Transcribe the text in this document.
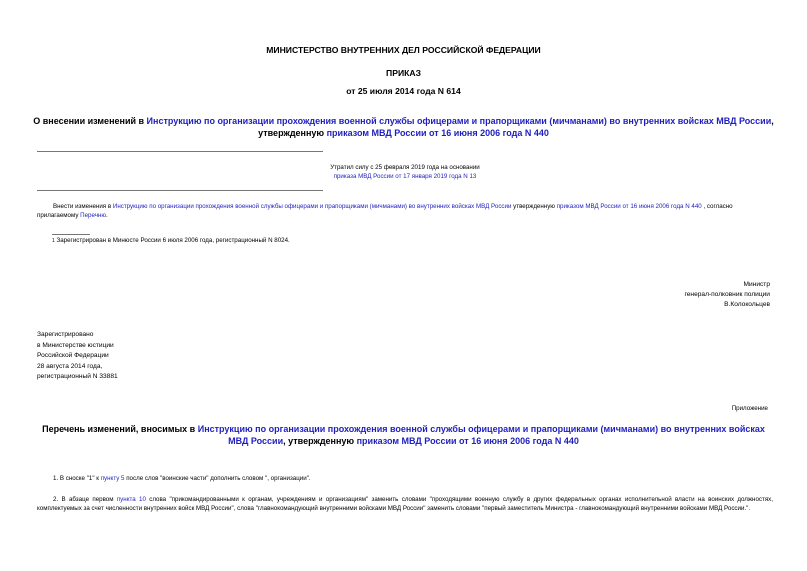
МИНИСТЕРСТВО ВНУТРЕННИХ ДЕЛ РОССИЙСКОЙ ФЕДЕРАЦИИ
ПРИКАЗ
от 25 июля 2014 года N 614
О внесении изменений в Инструкцию по организации прохождения военной службы офицерами и прапорщиками (мичманами) во внутренних войсках МВД России, утвержденную приказом МВД России от 16 июня 2006 года N 440
Утратил силу с 25 февраля 2019 года на основании
приказа МВД России от 17 января 2019 года N 13
Внести изменения в Инструкцию по организации прохождения военной службы офицерами и прапорщиками (мичманами) во внутренних войсках МВД России утвержденную приказом МВД России от 16 июня 2006 года N 440 , согласно прилагаемому Перечню.
1 Зарегистрирован в Минюсте России 6 июля 2006 года, регистрационный N 8024.
Министр
генерал-полковник полиции
В.Колокольцев
Зарегистрировано
в Министерстве юстиции
Российской Федерации
28 августа 2014 года,
регистрационный N 33881
Приложение
Перечень изменений, вносимых в Инструкцию по организации прохождения военной службы офицерами и прапорщиками (мичманами) во внутренних войсках МВД России, утвержденную приказом МВД России от 16 июня 2006 года N 440
1. В сноске "1" к пункту 5 после слов "воинские части" дополнить словом ", организации".
2. В абзаце первом пункта 10 слова "прикомандированными к органам, учреждениям и организациям" заменить словами "проходящими военную службу в других федеральных органах исполнительной власти на воинских должностях, комплектуемых за счет численности внутренних войск МВД России", слова "главнокомандующий внутренними войсками МВД России" заменить словами "первый заместитель Министра - главнокомандующий внутренними войсками МВД России.".
